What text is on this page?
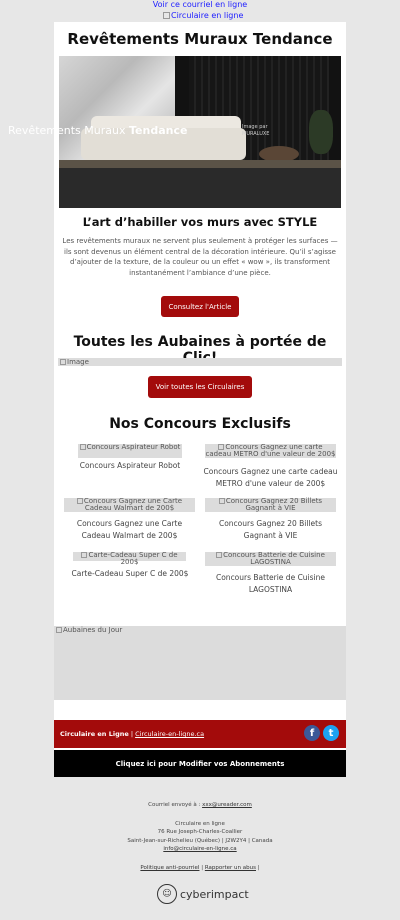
Voir ce courriel en ligne
Circulaire en ligne
Revêtements Muraux Tendance
Revêtements Muraux Tendance	Image par
MURALUXE
L’art d’habiller vos murs avec STYLE
Les revêtements muraux ne servent plus seulement à protéger les surfaces — ils sont devenus un élément central de la décoration intérieure. Qu’il s’agisse d’ajouter de la texture, de la couleur ou un effet « wow », ils transforment instantanément l’ambiance d’une pièce.
Consultez l'Article
Toutes les Aubaines à portée de
Image
Voir toutes les Circulaires
Nos Concours Exclusifs
Concours Aspirateur Robot
Concours Aspirateur Robot
Concours Gagnez une carte cadeau METRO d'une valeur de 200$
Concours Gagnez une carte cadeau METRO d'une valeur de 200$
Concours Gagnez une Carte Cadeau Walmart de 200$
Concours Gagnez une Carte Cadeau Walmart de 200$
Concours Gagnez 20 Billets Gagnant à VIE
Concours Gagnez 20 Billets Gagnant à VIE
Carte-Cadeau Super C de 200$
Carte-Cadeau Super C de 200$
Concours Batterie de Cuisine LAGOSTINA
Concours Batterie de Cuisine LAGOSTINA
Aubaines du Jour
Circulaire en Ligne | Circulaire-en-ligne.ca	f	t
Cliquez ici pour Modifier vos Abonnements
Courriel envoyé à : xxx@ureader.com
Circulaire en ligne
76 Rue Joseph-Charles-Coallier
Saint-Jean-sur-Richelieu (Québec) | J2W2Y4 | Canada
info@circulaire-en-ligne.ca
Politique anti-pourriel | Rapporter un abus |
☺ cyberimpact
